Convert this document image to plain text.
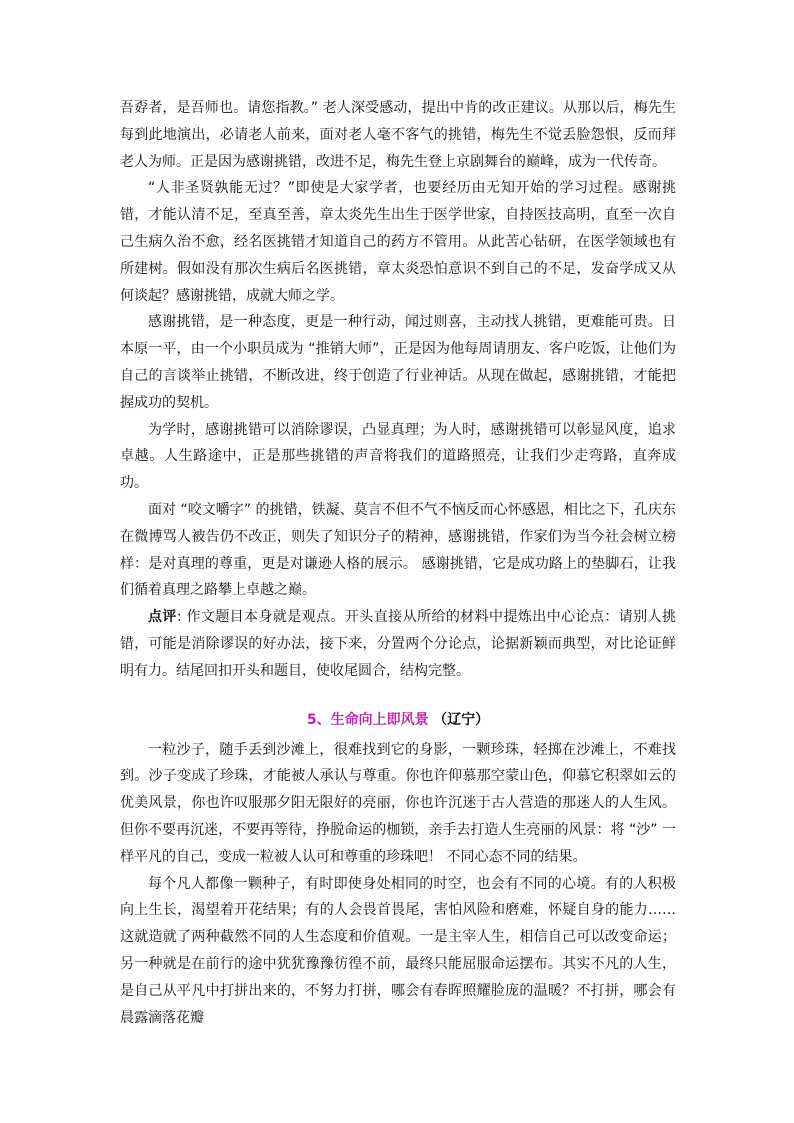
吾孬者，是吾师也。请您指教。” 老人深受感动，提出中肯的改正建议。从那以后，梅先生每到此地演出，必请老人前来，面对老人毫不客气的挑错，梅先生不觉丢脸怨恨，反而拜老人为师。正是因为感谢挑错，改进不足，梅先生登上京剧舞台的巅峰，成为一代传奇。

“人非圣贤孰能无过？”即使是大家学者，也要经历由无知开始的学习过程。感谢挑错，才能认清不足，至真至善，章太炎先生出生于医学世家，自持医技高明，直至一次自己生病久治不愈，经名医挑错才知道自己的药方不管用。从此苦心钻研，在医学领域也有所建树。假如没有那次生病后名医挑错，章太炎恐怕意识不到自己的不足，发奋学成又从何谈起？感谢挑错，成就大师之学。

感谢挑错，是一种态度，更是一种行动，闻过则喜，主动找人挑错，更难能可贵。日本原一平，由一个小职员成为 “推销大师”，正是因为他每周请朋友、客户吃饭，让他们为自己的言谈举止挑错，不断改进，终于创造了行业神话。从现在做起，感谢挑错，才能把握成功的契机。

为学时，感谢挑错可以消除谬误，凸显真理；为人时，感谢挑错可以彰显风度，追求卓越。人生路途中，正是那些挑错的声音将我们的道路照亮，让我们少走弯路，直奔成功。

面对 “咬文嚼字” 的挑错，铁凝、莫言不但不气不恼反而心怀感恩，相比之下，孔庆东在微博骂人被告仍不改正，则失了知识分子的精神，感谢挑错，作家们为当今社会树立榜样：是对真理的尊重，更是对谦逊人格的展示。 感谢挑错，它是成功路上的垫脚石，让我们循着真理之路攀上卓越之巅。

点评: 作文题目本身就是观点。开头直接从所给的材料中提炼出中心论点：请别人挑错，可能是消除谬误的好办法，接下来，分置两个分论点，论据新颖而典型，对比论证鲜明有力。结尾回扣开头和题目，使收尾圆合，结构完整。

5、生命向上即风景 （辽宁）

一粒沙子，随手丢到沙滩上，很难找到它的身影，一颗珍珠，轻掷在沙滩上，不难找到。沙子变成了珍珠，才能被人承认与尊重。你也许仰慕那空蒙山色，仰慕它积翠如云的优美风景，你也许叹服那夕阳无限好的亮丽，你也许沉迷于古人营造的那迷人的人生风。但你不要再沉迷，不要再等待，挣脱命运的枷锁，亲手去打造人生亮丽的风景：将 “沙” 一样平凡的自己，变成一粒被人认可和尊重的珍珠吧！ 不同心态不同的结果。

每个凡人都像一颗种子，有时即使身处相同的时空，也会有不同的心境。有的人积极向上生长，渴望着开花结果；有的人会畏首畏尾，害怕风险和磨难，怀疑自身的能力……这就造就了两种截然不同的人生态度和价值观。一是主宰人生，相信自己可以改变命运；另一种就是在前行的途中犹犹豫豫彷徨不前，最终只能屈服命运摆布。其实不凡的人生，是自己从平凡中打拼出来的，不努力打拼，哪会有春晖照耀脸庞的温暖？不打拼，哪会有晨露滴落花瓣
